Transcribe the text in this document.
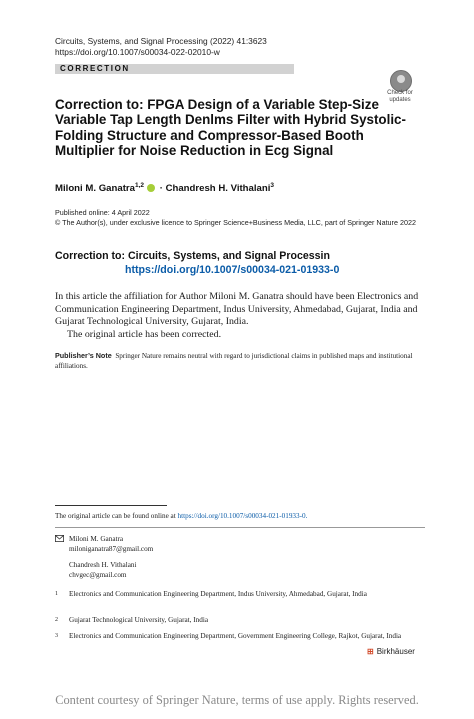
Circuits, Systems, and Signal Processing (2022) 41:3623
https://doi.org/10.1007/s00034-022-02010-w
CORRECTION
Check for
updates
Correction to: FPGA Design of a Variable Step-Size Variable Tap Length Denlms Filter with Hybrid Systolic-Folding Structure and Compressor-Based Booth Multiplier for Noise Reduction in Ecg Signal
Miloni M. Ganatra$^{1,2}$ · Chandresh H. Vithalani$^3$
Published online: 4 April 2022
© The Author(s), under exclusive licence to Springer Science+Business Media, LLC, part of Springer Nature 2022
Correction to: Circuits, Systems, and Signal Processin
https://doi.org/10.1007/s00034-021-01933-0

In this article the affiliation for Author Miloni M. Ganatra should have been Electronics and Communication Engineering Department, Indus University, Ahmedabad, Gujarat, India and Gujarat Technological University, Gujarat, India.

The original article has been corrected.

Publisher’s Note Springer Nature remains neutral with regard to jurisdictional claims in published maps and institutional affiliations.
The original article can be found online at https://doi.org/10.1007/s00034-021-01933-0.
Miloni M. Ganatra
miloniganatra87@gmail.com
Chandresh H. Vithalani
chvgec@gmail.com
1 Electronics and Communication Engineering Department, Indus University, Ahmedabad, Gujarat, India
2 Gujarat Technological University, Gujarat, India
3 Electronics and Communication Engineering Department, Government Engineering College, Rajkot, Gujarat, India
⊞ Birkhäuser
Content courtesy of Springer Nature, terms of use apply. Rights reserved.
